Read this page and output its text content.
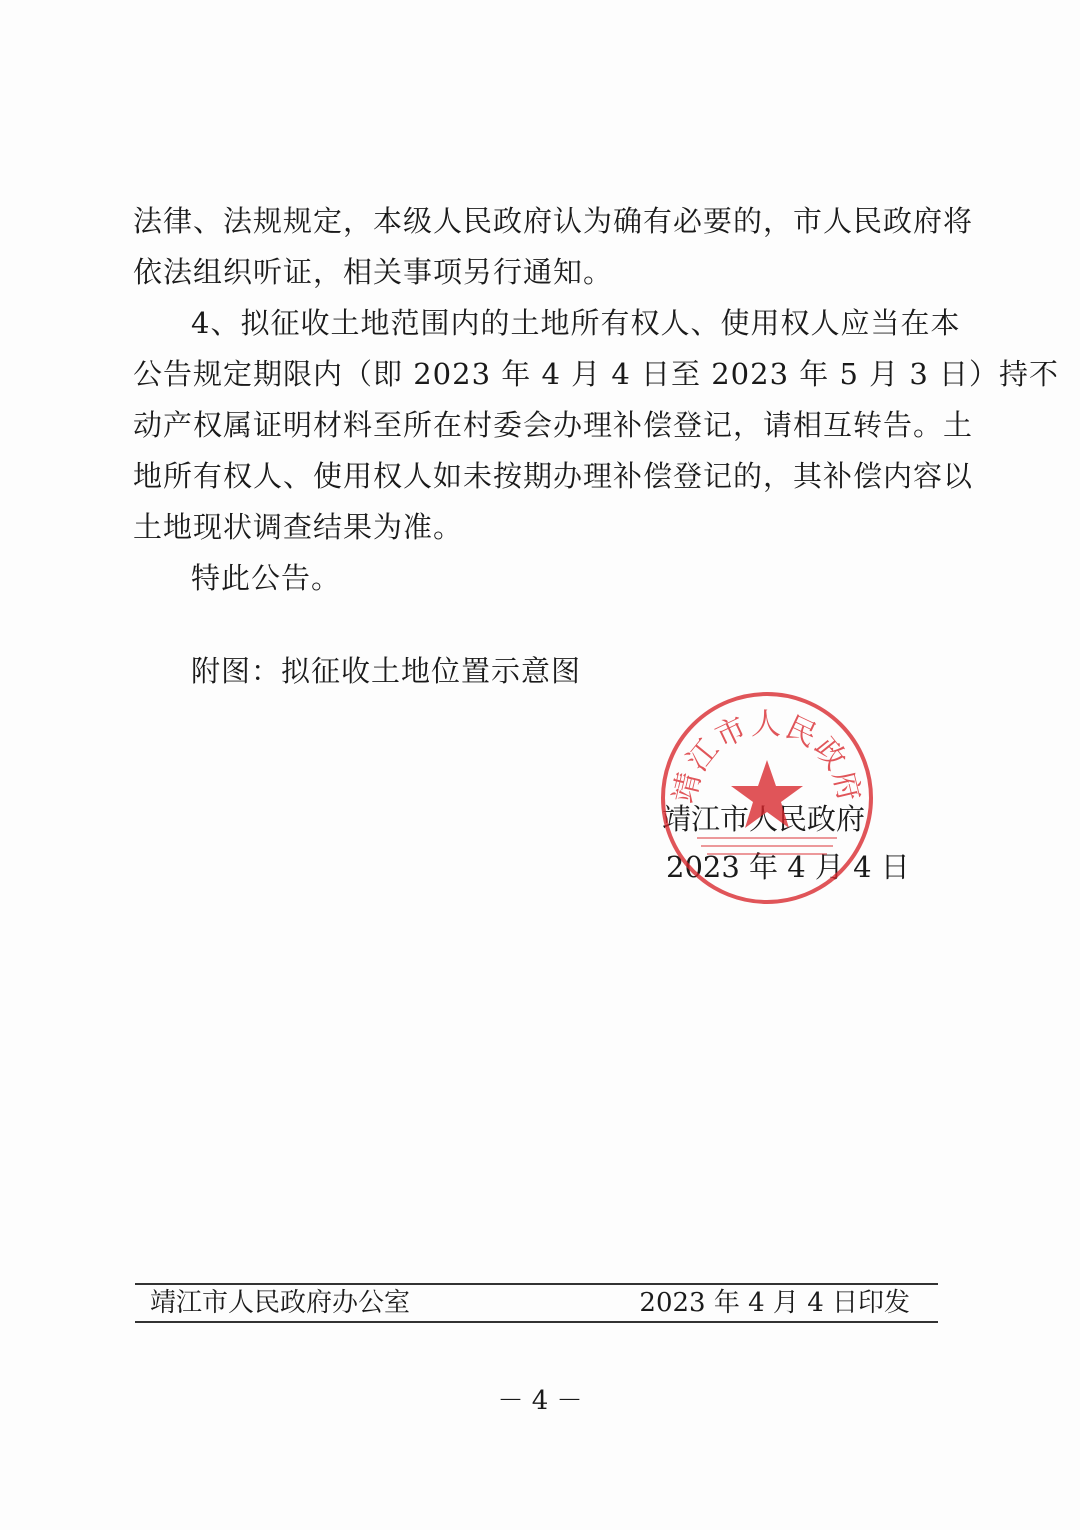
法律、法规规定，本级人民政府认为确有必要的，市人民政府将
依法组织听证，相关事项另行通知。
4、拟征收土地范围内的土地所有权人、使用权人应当在本
公告规定期限内（即 2023 年 4 月 4 日至 2023 年 5 月 3 日）持不
动产权属证明材料至所在村委会办理补偿登记，请相互转告。土
地所有权人、使用权人如未按期办理补偿登记的，其补偿内容以
土地现状调查结果为准。
特此公告。
附图：拟征收土地位置示意图
靖江市人民政府
2023 年 4 月 4 日
靖江市人民政府
靖江市人民政府办公室	2023 年 4 月 4 日印发
－ 4 －
